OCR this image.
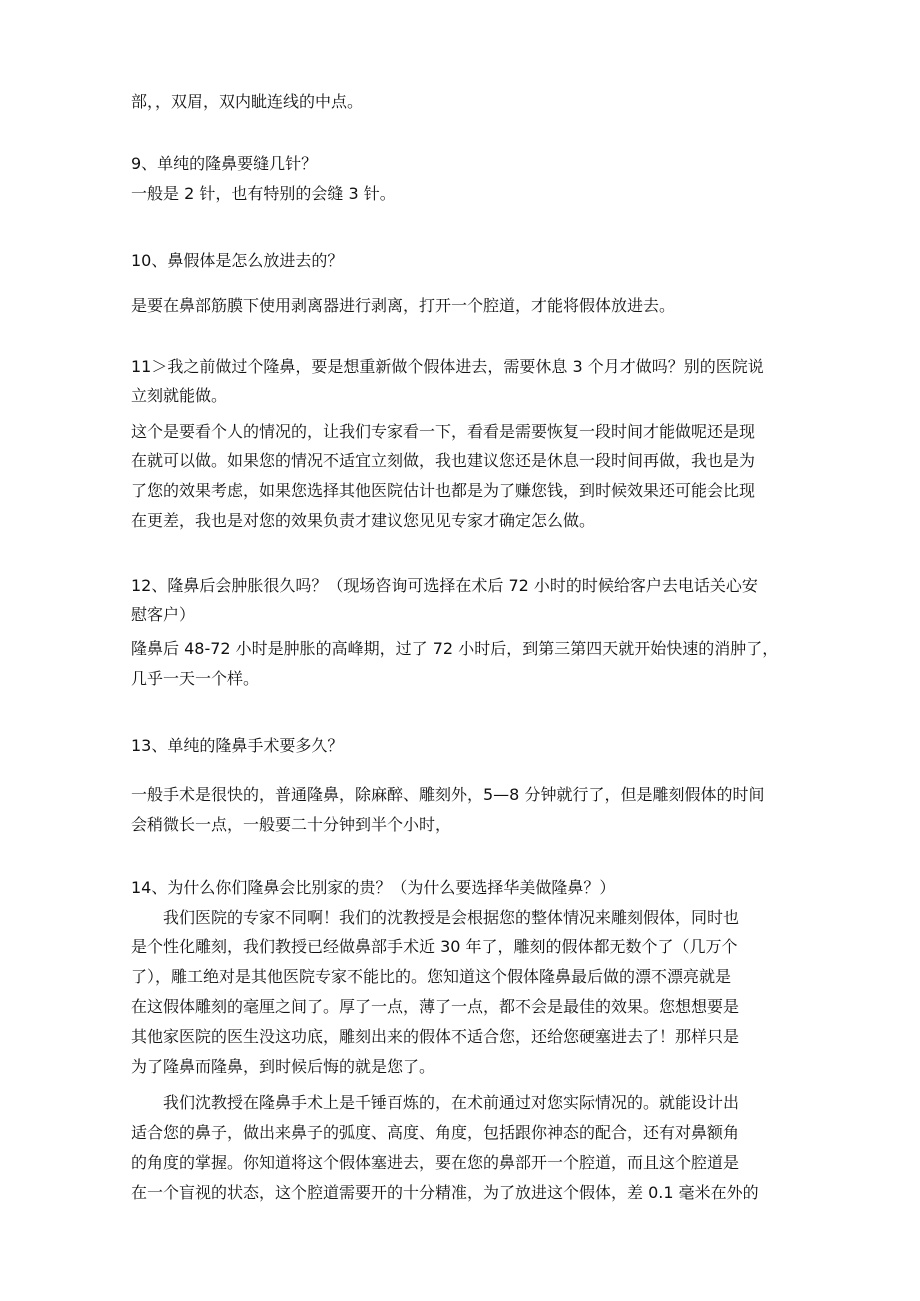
部，，双眉，双内眦连线的中点。
9、单纯的隆鼻要缝几针？
一般是 2 针，也有特别的会缝 3 针。
10、鼻假体是怎么放进去的？
是要在鼻部筋膜下使用剥离器进行剥离，打开一个腔道，才能将假体放进去。
11＞我之前做过个隆鼻，要是想重新做个假体进去，需要休息 3 个月才做吗？别的医院说
立刻就能做。
这个是要看个人的情况的，让我们专家看一下，看看是需要恢复一段时间才能做呢还是现
在就可以做。如果您的情况不适宜立刻做，我也建议您还是休息一段时间再做，我也是为
了您的效果考虑，如果您选择其他医院估计也都是为了赚您钱，到时候效果还可能会比现
在更差，我也是对您的效果负责才建议您见见专家才确定怎么做。
12、隆鼻后会肿胀很久吗？（现场咨询可选择在术后 72 小时的时候给客户去电话关心安
慰客户）
隆鼻后 48-72 小时是肿胀的高峰期，过了 72 小时后，到第三第四天就开始快速的消肿了，
几乎一天一个样。
13、单纯的隆鼻手术要多久？
一般手术是很快的，普通隆鼻，除麻醉、雕刻外，5—8 分钟就行了，但是雕刻假体的时间
会稍微长一点，一般要二十分钟到半个小时，
14、为什么你们隆鼻会比别家的贵？（为什么要选择华美做隆鼻？）
我们医院的专家不同啊！我们的沈教授是会根据您的整体情况来雕刻假体，同时也
是个性化雕刻，我们教授已经做鼻部手术近 30 年了，雕刻的假体都无数个了（几万个
了），雕工绝对是其他医院专家不能比的。您知道这个假体隆鼻最后做的漂不漂亮就是
在这假体雕刻的毫厘之间了。厚了一点，薄了一点，都不会是最佳的效果。您想想要是
其他家医院的医生没这功底，雕刻出来的假体不适合您，还给您硬塞进去了！那样只是
为了隆鼻而隆鼻，到时候后悔的就是您了。
我们沈教授在隆鼻手术上是千锤百炼的，在术前通过对您实际情况的。就能设计出
适合您的鼻子，做出来鼻子的弧度、高度、角度，包括跟你神态的配合，还有对鼻额角
的角度的掌握。你知道将这个假体塞进去，要在您的鼻部开一个腔道，而且这个腔道是
在一个盲视的状态，这个腔道需要开的十分精准，为了放进这个假体，差 0.1 毫米在外的
